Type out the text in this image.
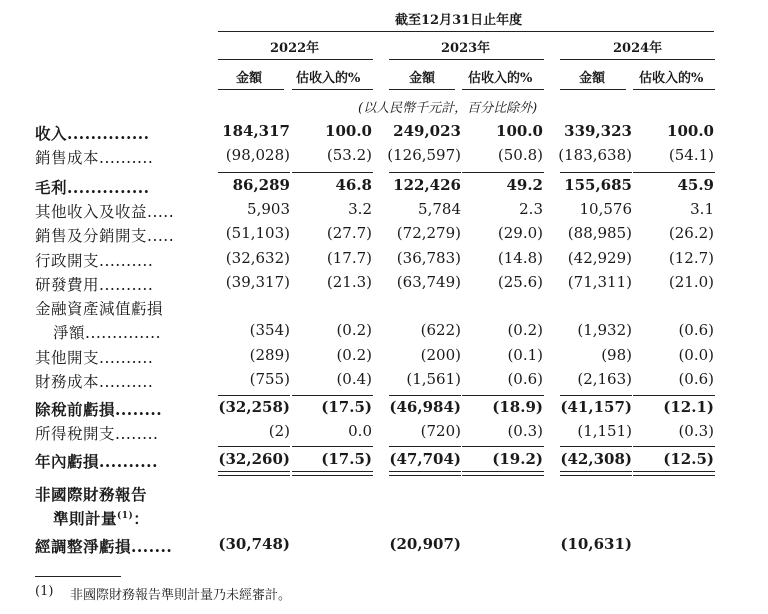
收入..............	184,317	100.0	249,023	100.0	339,323	100.0
銷售成本..........	(98,028)	(53.2)	(126,597)	(50.8)	(183,638)	(54.1)
毛利..............	86,289	46.8	122,426	49.2	155,685	45.9
其他收入及收益.....	5,903	3.2	5,784	2.3	10,576	3.1
銷售及分銷開支.....	(51,103)	(27.7)	(72,279)	(29.0)	(88,985)	(26.2)
行政開支..........	(32,632)	(17.7)	(36,783)	(14.8)	(42,929)	(12.7)
研發費用..........	(39,317)	(21.3)	(63,749)	(25.6)	(71,311)	(21.0)
金融資產減值虧損
淨額..............	(354)	(0.2)	(622)	(0.2)	(1,932)	(0.6)
其他開支..........	(289)	(0.2)	(200)	(0.1)	(98)	(0.0)
財務成本..........	(755)	(0.4)	(1,561)	(0.6)	(2,163)	(0.6)
除稅前虧損........	(32,258)	(17.5)	(46,984)	(18.9)	(41,157)	(12.1)
所得稅開支........	(2)	0.0	(720)	(0.3)	(1,151)	(0.3)
年內虧損..........	(32,260)	(17.5)	(47,704)	(19.2)	(42,308)	(12.5)
截至12月31日止年度
2022年	2023年	2024年
金額	估收入的%	金額	估收入的%	金額	估收入的%
(以人民幣千元計，百分比除外)
非國際財務報告
準則計量$^{(1)}$：
經調整淨虧損.......	(30,748)	(20,907)	(10,631)
(1) 非國際財務報告準則計量乃未經審計。
